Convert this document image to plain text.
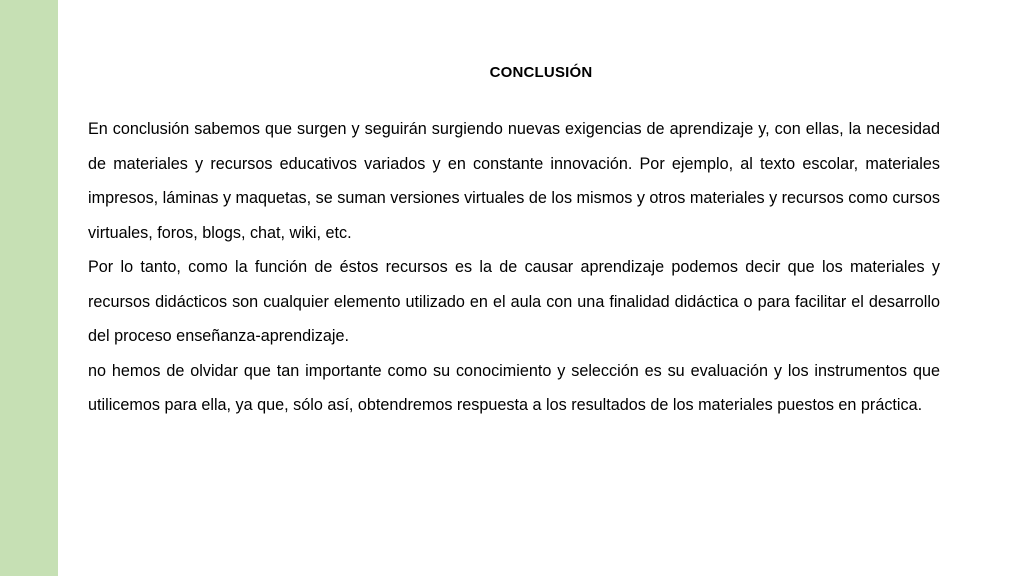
CONCLUSIÓN

En conclusión sabemos que surgen y seguirán surgiendo nuevas exigencias de aprendizaje y, con ellas, la necesidad de materiales y recursos educativos variados y en constante innovación. Por ejemplo, al texto escolar, materiales impresos, láminas y maquetas, se suman versiones virtuales de los mismos y otros materiales y recursos como cursos virtuales, foros, blogs, chat, wiki, etc.

Por lo tanto, como la función de éstos recursos es la de causar aprendizaje podemos decir que los materiales y recursos didácticos son cualquier elemento utilizado en el aula con una finalidad didáctica o para facilitar el desarrollo del proceso enseñanza-aprendizaje.

no hemos de olvidar que tan importante como su conocimiento y selección es su evaluación y los instrumentos que utilicemos para ella, ya que, sólo así, obtendremos respuesta a los resultados de los materiales puestos en práctica.
